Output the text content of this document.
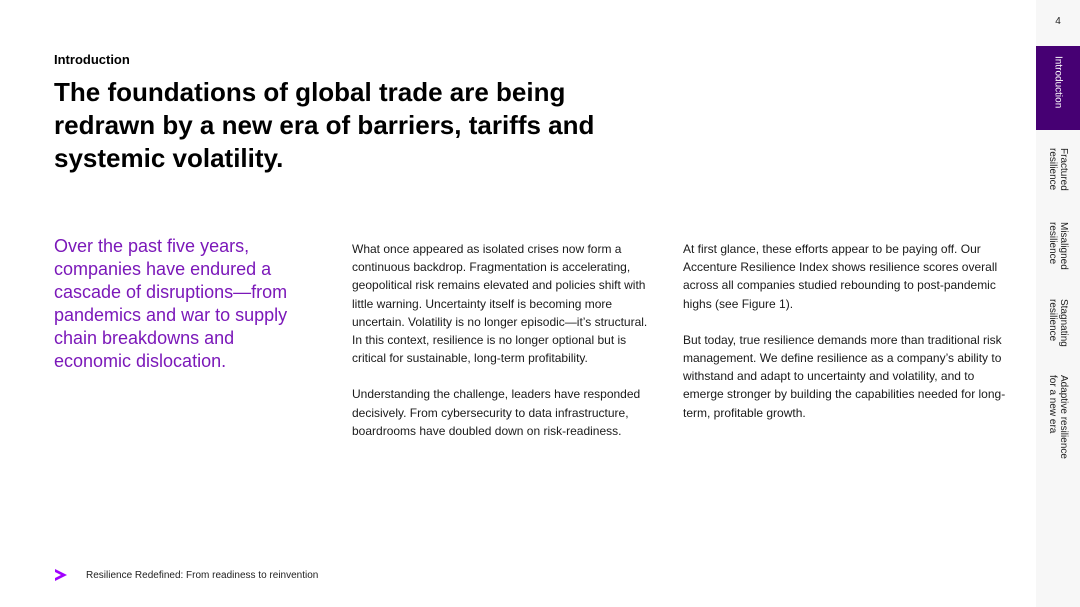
Introduction
The foundations of global trade are being redrawn by a new era of barriers, tariffs and systemic volatility.
Over the past five years, companies have endured a cascade of disruptions—from pandemics and war to supply chain breakdowns and economic dislocation.

What once appeared as isolated crises now form a continuous backdrop. Fragmentation is accelerating, geopolitical risk remains elevated and policies shift with little warning. Uncertainty itself is becoming more uncertain. Volatility is no longer episodic—it’s structural. In this context, resilience is no longer optional but is critical for sustainable, long-term profitability.

Understanding the challenge, leaders have responded decisively. From cybersecurity to data infrastructure, boardrooms have doubled down on risk-readiness.

At first glance, these efforts appear to be paying off. Our Accenture Resilience Index shows resilience scores overall across all companies studied rebounding to post-pandemic highs (see Figure 1).

But today, true resilience demands more than traditional risk management. We define resilience as a company’s ability to withstand and adapt to uncertainty and volatility, and to emerge stronger by building the capabilities needed for long-term, profitable growth.

Resilience Redefined: From readiness to reinvention
4
Introduction
Fractured
resilience
Misaligned
resilience
Stagnating
resilience
Adaptive resilience
for a new era
